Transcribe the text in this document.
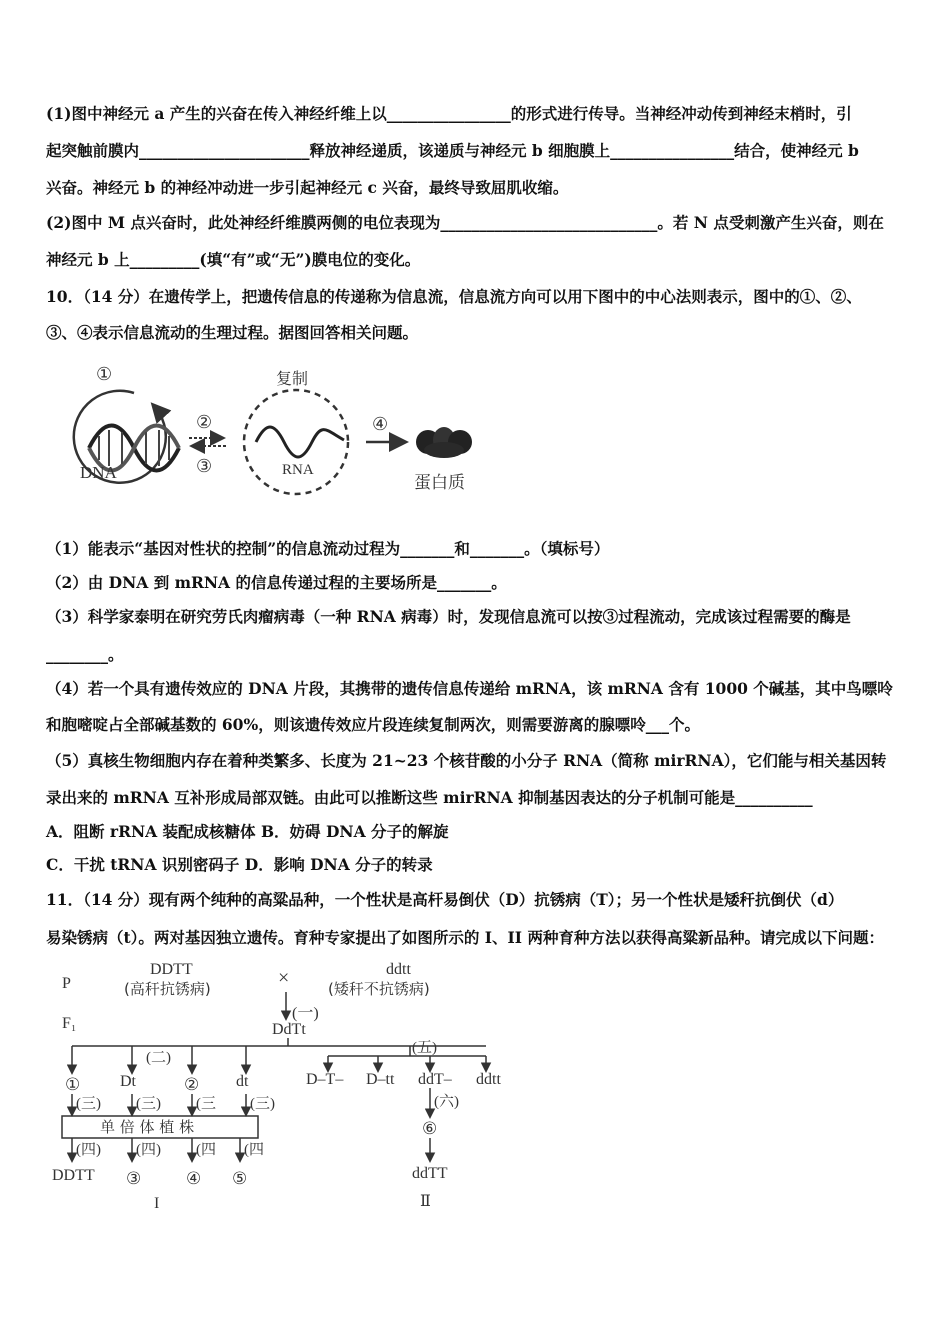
(1)图中神经元 a 产生的兴奋在传入神经纤维上以________________的形式进行传导。当神经冲动传到神经末梢时，引
起突触前膜内______________________释放神经递质，该递质与神经元 b 细胞膜上________________结合，使神经元 b
兴奋。神经元 b 的神经冲动进一步引起神经元 c 兴奋，最终导致屈肌收缩。
(2)图中 M 点兴奋时，此处神经纤维膜两侧的电位表现为____________________________。若 N 点受刺激产生兴奋，则在
神经元 b 上_________(填“有”或“无”)膜电位的变化。
10．（14 分）在遗传学上，把遗传信息的传递称为信息流，信息流方向可以用下图中的中心法则表示，图中的①、②、
③、④表示信息流动的生理过程。据图回答相关问题。
①
DNA
②
③
复制
RNA
④
蛋白质
（1）能表示“基因对性状的控制”的信息流动过程为_______和_______。（填标号）
（2）由 DNA 到 mRNA 的信息传递过程的主要场所是_______。
（3）科学家泰明在研究劳氏肉瘤病毒（一种 RNA 病毒）时，发现信息流可以按③过程流动，完成该过程需要的酶是
________。
（4）若一个具有遗传效应的 DNA 片段，其携带的遗传信息传递给 mRNA，该 mRNA 含有 1000 个碱基，其中鸟嘌呤
和胞嘧啶占全部碱基数的 60%，则该遗传效应片段连续复制两次，则需要游离的腺嘌呤___个。
（5）真核生物细胞内存在着种类繁多、长度为 21~23 个核苷酸的小分子 RNA（简称 mirRNA），它们能与相关基因转
录出来的 mRNA 互补形成局部双链。由此可以推断这些 mirRNA 抑制基因表达的分子机制可能是__________
A．阻断 rRNA 装配成核糖体 B．妨碍 DNA 分子的解旋
C．干扰 tRNA 识别密码子 D．影响 DNA 分子的转录
11．（14 分）现有两个纯种的高粱品种，一个性状是高杆易倒伏（D）抗锈病（T）；另一个性状是矮秆抗倒伏（d）
易染锈病（t）。两对基因独立遗传。育种专家提出了如图所示的 I、II 两种育种方法以获得高粱新品种。请完成以下问题：
P
F₁
DDTT
(高秆抗锈病)	×	ddtt
(矮秆不抗锈病)
(一)
DdTt
(二)
(五)
① Dt	② dt	D–T– D–tt ddT– ddtt
(三) (三) (三 (三)
单 倍 体 植 株
(四) (四) (四 (四
DDTT ③	④ ⑤
I
(六)
⑥
ddTT
Ⅱ
